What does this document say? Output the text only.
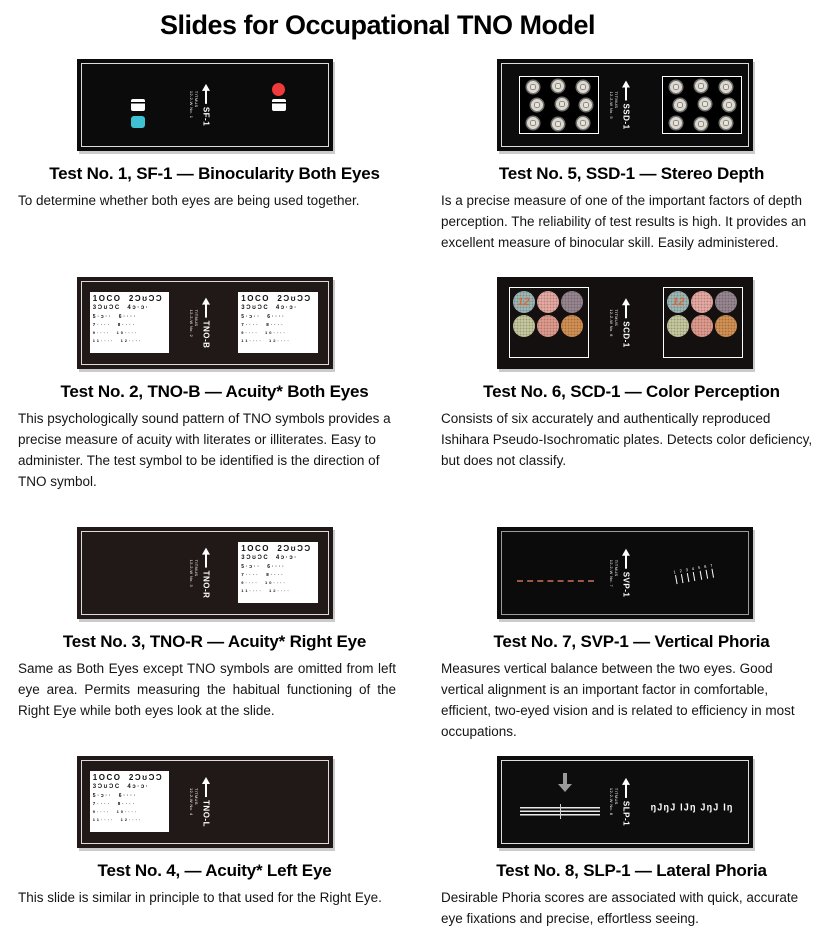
Slides for Occupational TNO Model
12-2-W No. 1 TITMUS
SF-1
Test No. 1, SF-1 — Binocularity Both Eyes

To determine whether both eyes are being used together.

1OCO  2ƆʊƆƆ
3ƆʊƆC  4ɔ·ɔ·
5·ɔ··  6····
7····  8····
9····  10····
11····  12····
1OCO  2ƆʊƆƆ
3ƆʊƆC  4ɔ·ɔ·
5·ɔ··  6····
7····  8····
9····  10····
11····  12····
12-2-W No. 2 TITMUS
TNO-B
Test No. 2, TNO-B — Acuity* Both Eyes

This psychologically sound pattern of TNO symbols provides a precise measure of acuity with literates or illiterates. Easy to administer. The test symbol to be identified is the direction of TNO symbol.

1OCO  2ƆʊƆƆ
3ƆʊƆC  4ɔ·ɔ·
5·ɔ··  6····
7····  8····
9····  10····
11····  12····
12-2-W No. 3 TITMUS
TNO-R
Test No. 3, TNO-R — Acuity* Right Eye

Same as Both Eyes except TNO symbols are omitted from left eye area. Permits measuring the habitual functioning of the Right Eye while both eyes look at the slide.

1OCO  2ƆʊƆƆ
3ƆʊƆC  4ɔ·ɔ·
5·ɔ··  6····
7····  8····
9····  10····
11····  12····
12-2-W No. 4 TITMUS
TNO-L
Test No. 4, — Acuity* Left Eye

This slide is similar in principle to that used for the Right Eye.

12-2-W No. 5 TITMUS
SSD-1
Test No. 5, SSD-1 — Stereo Depth

Is a precise measure of one of the important factors of depth perception. The reliability of test results is high. It provides an excellent measure of binocular skill. Easily administered.

12	12
12-2-W No. 6 TITMUS
SCD-1
Test No. 6, SCD-1 — Color Perception

Consists of six accurately and authentically reproduced Ishihara Pseudo-Isochromatic plates. Detects color deficiency, but does not classify.

1 2 3 4 5 6 7
12-2-W No. 7 TITMUS
SVP-1
Test No. 7, SVP-1 — Vertical Phoria

Measures vertical balance between the two eyes. Good vertical alignment is an important factor in comfortable, efficient, two-eyed vision and is related to efficiency in most occupations.

ŋJŋJ IJŋ JŋJ Iŋ
12-2-W No. 8 TITMUS
SLP-1
Test No. 8, SLP-1 — Lateral Phoria

Desirable Phoria scores are associated with quick, accurate eye fixations and precise, effortless seeing.
